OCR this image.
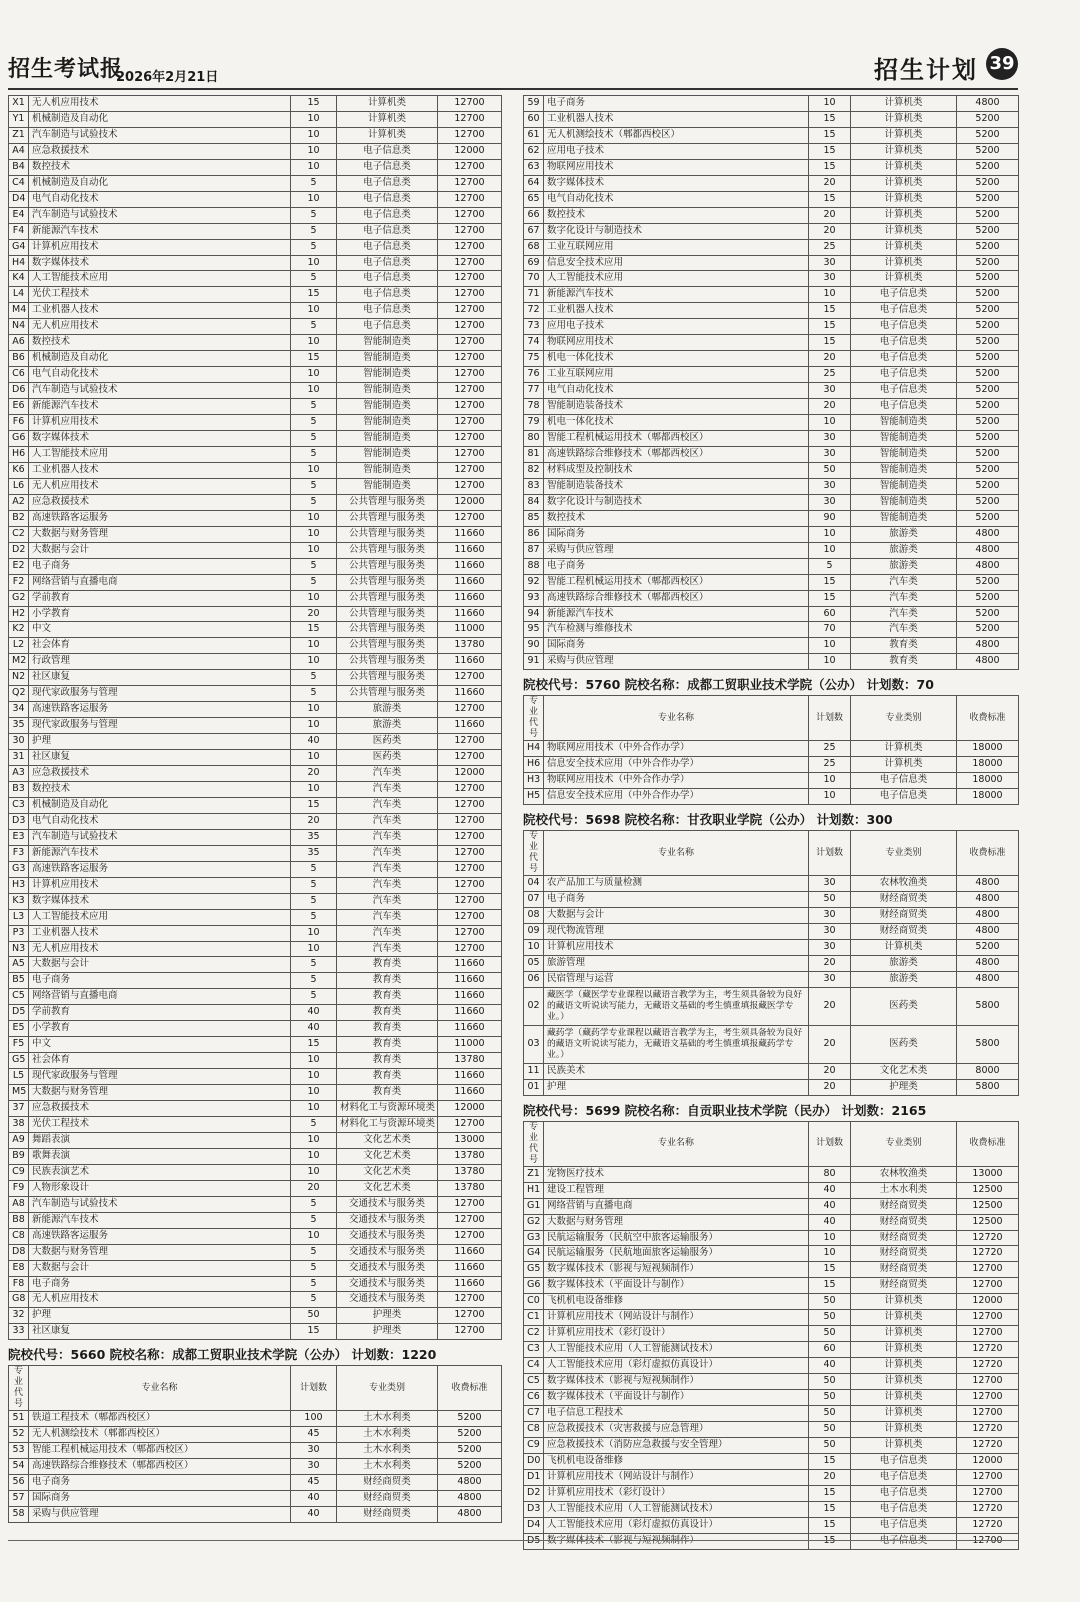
招生考试报
2026年2月21日	招生计划 39
X1	无人机应用技术	15	计算机类	12700
Y1	机械制造及自动化	10	计算机类	12700
Z1	汽车制造与试验技术	10	计算机类	12700
A4	应急救援技术	10	电子信息类	12000
B4	数控技术	10	电子信息类	12700
C4	机械制造及自动化	5	电子信息类	12700
D4	电气自动化技术	10	电子信息类	12700
E4	汽车制造与试验技术	5	电子信息类	12700
F4	新能源汽车技术	5	电子信息类	12700
G4	计算机应用技术	5	电子信息类	12700
H4	数字媒体技术	10	电子信息类	12700
K4	人工智能技术应用	5	电子信息类	12700
L4	光伏工程技术	15	电子信息类	12700
M4	工业机器人技术	10	电子信息类	12700
N4	无人机应用技术	5	电子信息类	12700
A6	数控技术	10	智能制造类	12700
B6	机械制造及自动化	15	智能制造类	12700
C6	电气自动化技术	10	智能制造类	12700
D6	汽车制造与试验技术	10	智能制造类	12700
E6	新能源汽车技术	5	智能制造类	12700
F6	计算机应用技术	5	智能制造类	12700
G6	数字媒体技术	5	智能制造类	12700
H6	人工智能技术应用	5	智能制造类	12700
K6	工业机器人技术	10	智能制造类	12700
L6	无人机应用技术	5	智能制造类	12700
A2	应急救援技术	5	公共管理与服务类	12000
B2	高速铁路客运服务	10	公共管理与服务类	12700
C2	大数据与财务管理	10	公共管理与服务类	11660
D2	大数据与会计	10	公共管理与服务类	11660
E2	电子商务	5	公共管理与服务类	11660
F2	网络营销与直播电商	5	公共管理与服务类	11660
G2	学前教育	10	公共管理与服务类	11660
H2	小学教育	20	公共管理与服务类	11660
K2	中文	15	公共管理与服务类	11000
L2	社会体育	10	公共管理与服务类	13780
M2	行政管理	10	公共管理与服务类	11660
N2	社区康复	5	公共管理与服务类	12700
Q2	现代家政服务与管理	5	公共管理与服务类	11660
34	高速铁路客运服务	10	旅游类	12700
35	现代家政服务与管理	10	旅游类	11660
30	护理	40	医药类	12700
31	社区康复	10	医药类	12700
A3	应急救援技术	20	汽车类	12000
B3	数控技术	10	汽车类	12700
C3	机械制造及自动化	15	汽车类	12700
D3	电气自动化技术	20	汽车类	12700
E3	汽车制造与试验技术	35	汽车类	12700
F3	新能源汽车技术	35	汽车类	12700
G3	高速铁路客运服务	5	汽车类	12700
H3	计算机应用技术	5	汽车类	12700
K3	数字媒体技术	5	汽车类	12700
L3	人工智能技术应用	5	汽车类	12700
P3	工业机器人技术	10	汽车类	12700
N3	无人机应用技术	10	汽车类	12700
A5	大数据与会计	5	教育类	11660
B5	电子商务	5	教育类	11660
C5	网络营销与直播电商	5	教育类	11660
D5	学前教育	40	教育类	11660
E5	小学教育	40	教育类	11660
F5	中文	15	教育类	11000
G5	社会体育	10	教育类	13780
L5	现代家政服务与管理	10	教育类	11660
M5	大数据与财务管理	10	教育类	11660
37	应急救援技术	10	材料化工与资源环境类	12000
38	光伏工程技术	5	材料化工与资源环境类	12700
A9	舞蹈表演	10	文化艺术类	13000
B9	歌舞表演	10	文化艺术类	13780
C9	民族表演艺术	10	文化艺术类	13780
F9	人物形象设计	20	文化艺术类	13780
A8	汽车制造与试验技术	5	交通技术与服务类	12700
B8	新能源汽车技术	5	交通技术与服务类	12700
C8	高速铁路客运服务	10	交通技术与服务类	12700
D8	大数据与财务管理	5	交通技术与服务类	11660
E8	大数据与会计	5	交通技术与服务类	11660
F8	电子商务	5	交通技术与服务类	11660
G8	无人机应用技术	5	交通技术与服务类	12700
32	护理	50	护理类	12700
33	社区康复	15	护理类	12700
院校代号：5660 院校名称：成都工贸职业技术学院（公办） 计划数：1220
专业代号	专业名称	计划数	专业类别	收费标准
51	铁道工程技术（郫都西校区）	100	土木水利类	5200
52	无人机测绘技术（郫都西校区）	45	土木水利类	5200
53	智能工程机械运用技术（郫都西校区）	30	土木水利类	5200
54	高速铁路综合维修技术（郫都西校区）	30	土木水利类	5200
56	电子商务	45	财经商贸类	4800
57	国际商务	40	财经商贸类	4800
58	采购与供应管理	40	财经商贸类	4800
59	电子商务	10	计算机类	4800
60	工业机器人技术	15	计算机类	5200
61	无人机测绘技术（郫都西校区）	15	计算机类	5200
62	应用电子技术	15	计算机类	5200
63	物联网应用技术	15	计算机类	5200
64	数字媒体技术	20	计算机类	5200
65	电气自动化技术	15	计算机类	5200
66	数控技术	20	计算机类	5200
67	数字化设计与制造技术	20	计算机类	5200
68	工业互联网应用	25	计算机类	5200
69	信息安全技术应用	30	计算机类	5200
70	人工智能技术应用	30	计算机类	5200
71	新能源汽车技术	10	电子信息类	5200
72	工业机器人技术	15	电子信息类	5200
73	应用电子技术	15	电子信息类	5200
74	物联网应用技术	15	电子信息类	5200
75	机电一体化技术	20	电子信息类	5200
76	工业互联网应用	25	电子信息类	5200
77	电气自动化技术	30	电子信息类	5200
78	智能制造装备技术	20	电子信息类	5200
79	机电一体化技术	10	智能制造类	5200
80	智能工程机械运用技术（郫都西校区）	30	智能制造类	5200
81	高速铁路综合维修技术（郫都西校区）	30	智能制造类	5200
82	材料成型及控制技术	50	智能制造类	5200
83	智能制造装备技术	30	智能制造类	5200
84	数字化设计与制造技术	30	智能制造类	5200
85	数控技术	90	智能制造类	5200
86	国际商务	10	旅游类	4800
87	采购与供应管理	10	旅游类	4800
88	电子商务	5	旅游类	4800
92	智能工程机械运用技术（郫都西校区）	15	汽车类	5200
93	高速铁路综合维修技术（郫都西校区）	15	汽车类	5200
94	新能源汽车技术	60	汽车类	5200
95	汽车检测与维修技术	70	汽车类	5200
90	国际商务	10	教育类	4800
91	采购与供应管理	10	教育类	4800
院校代号：5760 院校名称：成都工贸职业技术学院（公办） 计划数：70
专业代号	专业名称	计划数	专业类别	收费标准
H4	物联网应用技术（中外合作办学）	25	计算机类	18000
H6	信息安全技术应用（中外合作办学）	25	计算机类	18000
H3	物联网应用技术（中外合作办学）	10	电子信息类	18000
H5	信息安全技术应用（中外合作办学）	10	电子信息类	18000
院校代号：5698 院校名称：甘孜职业学院（公办） 计划数：300
专业代号	专业名称	计划数	专业类别	收费标准
04	农产品加工与质量检测	30	农林牧渔类	4800
07	电子商务	50	财经商贸类	4800
08	大数据与会计	30	财经商贸类	4800
09	现代物流管理	30	财经商贸类	4800
10	计算机应用技术	30	计算机类	5200
05	旅游管理	20	旅游类	4800
06	民宿管理与运营	30	旅游类	4800
02	藏医学（藏医学专业课程以藏语言教学为主，考生须具备较为良好的藏语文听说读写能力，无藏语文基础的考生慎重填报藏医学专业。）	20	医药类	5800
03	藏药学（藏药学专业课程以藏语言教学为主，考生须具备较为良好的藏语文听说读写能力，无藏语文基础的考生慎重填报藏药学专业。）	20	医药类	5800
11	民族美术	20	文化艺术类	8000
01	护理	20	护理类	5800
院校代号：5699 院校名称：自贡职业技术学院（民办） 计划数：2165
专业代号	专业名称	计划数	专业类别	收费标准
Z1	宠物医疗技术	80	农林牧渔类	13000
H1	建设工程管理	40	土木水利类	12500
G1	网络营销与直播电商	40	财经商贸类	12500
G2	大数据与财务管理	40	财经商贸类	12500
G3	民航运输服务（民航空中旅客运输服务）	10	财经商贸类	12720
G4	民航运输服务（民航地面旅客运输服务）	10	财经商贸类	12720
G5	数字媒体技术（影视与短视频制作）	15	财经商贸类	12700
G6	数字媒体技术（平面设计与制作）	15	财经商贸类	12700
C0	飞机机电设备维修	50	计算机类	12000
C1	计算机应用技术（网站设计与制作）	50	计算机类	12700
C2	计算机应用技术（彩灯设计）	50	计算机类	12700
C3	人工智能技术应用（人工智能测试技术）	60	计算机类	12720
C4	人工智能技术应用（彩灯虚拟仿真设计）	40	计算机类	12720
C5	数字媒体技术（影视与短视频制作）	50	计算机类	12700
C6	数字媒体技术（平面设计与制作）	50	计算机类	12700
C7	电子信息工程技术	50	计算机类	12700
C8	应急救援技术（灾害救援与应急管理）	50	计算机类	12720
C9	应急救援技术（消防应急救援与安全管理）	50	计算机类	12720
D0	飞机机电设备维修	15	电子信息类	12000
D1	计算机应用技术（网站设计与制作）	20	电子信息类	12700
D2	计算机应用技术（彩灯设计）	15	电子信息类	12700
D3	人工智能技术应用（人工智能测试技术）	15	电子信息类	12720
D4	人工智能技术应用（彩灯虚拟仿真设计）	15	电子信息类	12720
D5	数字媒体技术（影视与短视频制作）	15	电子信息类	12700
